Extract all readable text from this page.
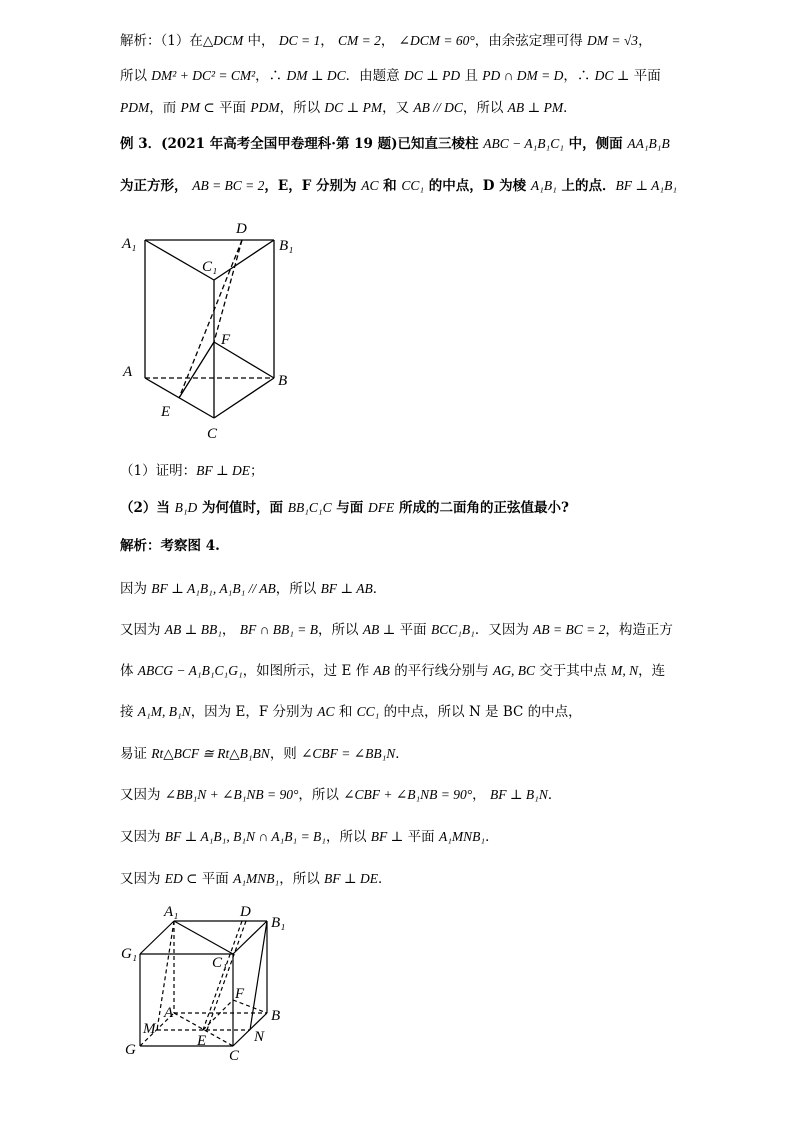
解析：（1）在△DCM 中， DC = 1， CM = 2， ∠DCM = 60°，由余弦定理可得 DM = √3，
所以 DM² + DC² = CM²，∴ DM ⊥ DC．由题意 DC ⊥ PD 且 PD ∩ DM = D，∴ DC ⊥ 平面
PDM，而 PM ⊂ 平面 PDM，所以 DC ⊥ PM，又 AB // DC，所以 AB ⊥ PM．
例 3．(2021 年高考全国甲卷理科·第 19 题)已知直三棱柱 ABC − A₁B₁C₁ 中，侧面 AA₁B₁B
为正方形， AB = BC = 2，E，F 分别为 AC 和 CC₁ 的中点，D 为棱 A₁B₁ 上的点．BF ⊥ A₁B₁
A₁
D
B₁
C₁
F
A
B
E
C
（1）证明：BF ⊥ DE；
（2）当 B₁D 为何值时，面 BB₁C₁C 与面 DFE 所成的二面角的正弦值最小?
解析：考察图 4.
因为 BF ⊥ A₁B₁, A₁B₁ // AB，所以 BF ⊥ AB．
又因为 AB ⊥ BB₁， BF ∩ BB₁ = B，所以 AB ⊥ 平面 BCC₁B₁．又因为 AB = BC = 2，构造正方
体 ABCG − A₁B₁C₁G₁，如图所示，过 E 作 AB 的平行线分别与 AG, BC 交于其中点 M, N，连
接 A₁M, B₁N，因为 E，F 分别为 AC 和 CC₁ 的中点，所以 N 是 BC 的中点，
易证 Rt△BCF ≅ Rt△B₁BN，则 ∠CBF = ∠BB₁N．
又因为 ∠BB₁N + ∠B₁NB = 90°，所以 ∠CBF + ∠B₁NB = 90°， BF ⊥ B₁N．
又因为 BF ⊥ A₁B₁, B₁N ∩ A₁B₁ = B₁，所以 BF ⊥ 平面 A₁MNB₁．
又因为 ED ⊂ 平面 A₁MNB₁，所以 BF ⊥ DE．
A₁	D
B₁
G₁
C₁
F
M
A	B
G
E	N
C
